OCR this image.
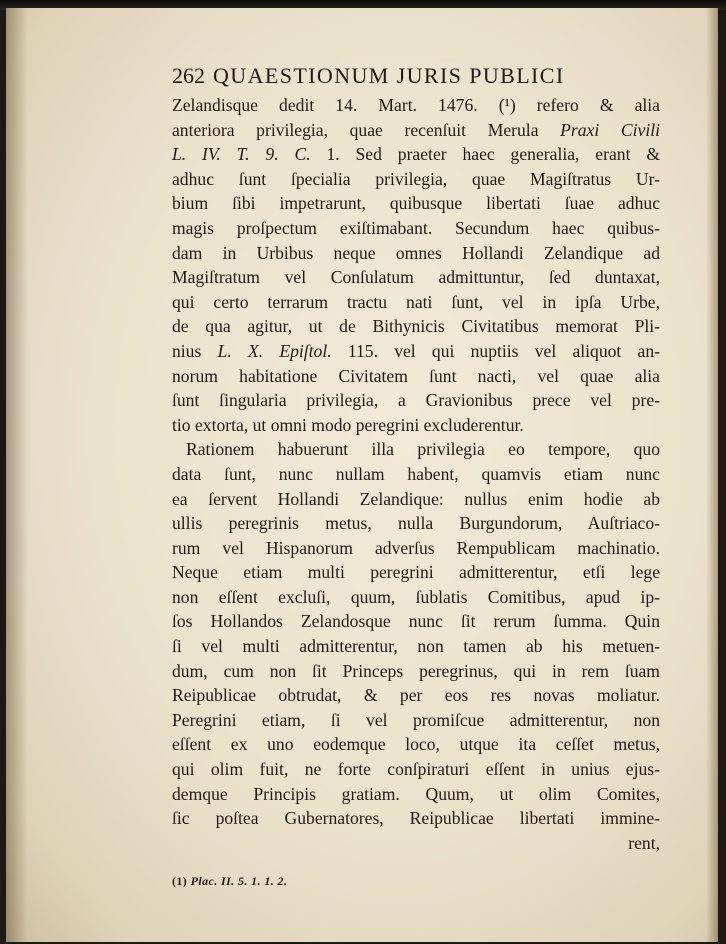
262 QUAESTIONUM JURIS PUBLICI
Zelandisque dedit 14. Mart. 1476. (¹) refero & alia
anteriora privilegia, quae recenſuit Merula Praxi Civili
L. IV. T. 9. C. 1. Sed praeter haec generalia, erant &
adhuc ſunt ſpecialia privilegia, quae Magiſtratus Ur-
bium ſibi impetrarunt, quibusque libertati ſuae adhuc
magis proſpectum exiſtimabant. Secundum haec quibus-
dam in Urbibus neque omnes Hollandi Zelandique ad
Magiſtratum vel Conſulatum admittuntur, ſed duntaxat,
qui certo terrarum tractu nati ſunt, vel in ipſa Urbe,
de qua agitur, ut de Bithynicis Civitatibus memorat Pli-
nius L. X. Epiſtol. 115. vel qui nuptiis vel aliquot an-
norum habitatione Civitatem ſunt nacti, vel quae alia
ſunt ſingularia privilegia, a Gravionibus prece vel pre-
tio extorta, ut omni modo peregrini excluderentur.
Rationem habuerunt illa privilegia eo tempore, quo
data ſunt, nunc nullam habent, quamvis etiam nunc
ea ſervent Hollandi Zelandique: nullus enim hodie ab
ullis peregrinis metus, nulla Burgundorum, Auſtriaco-
rum vel Hispanorum adverſus Rempublicam machinatio.
Neque etiam multi peregrini admitterentur, etſi lege
non eſſent excluſi, quum, ſublatis Comitibus, apud ip-
ſos Hollandos Zelandosque nunc ſit rerum ſumma. Quin
ſi vel multi admitterentur, non tamen ab his metuen-
dum, cum non ſit Princeps peregrinus, qui in rem ſuam
Reipublicae obtrudat, & per eos res novas moliatur.
Peregrini etiam, ſi vel promiſcue admitterentur, non
eſſent ex uno eodemque loco, utque ita ceſſet metus,
qui olim fuit, ne forte conſpiraturi eſſent in unius ejus-
demque Principis gratiam. Quum, ut olim Comites,
ſic poſtea Gubernatores, Reipublicae libertati immine-
rent,
(1) Plac. II. 5. 1. 1. 2.
